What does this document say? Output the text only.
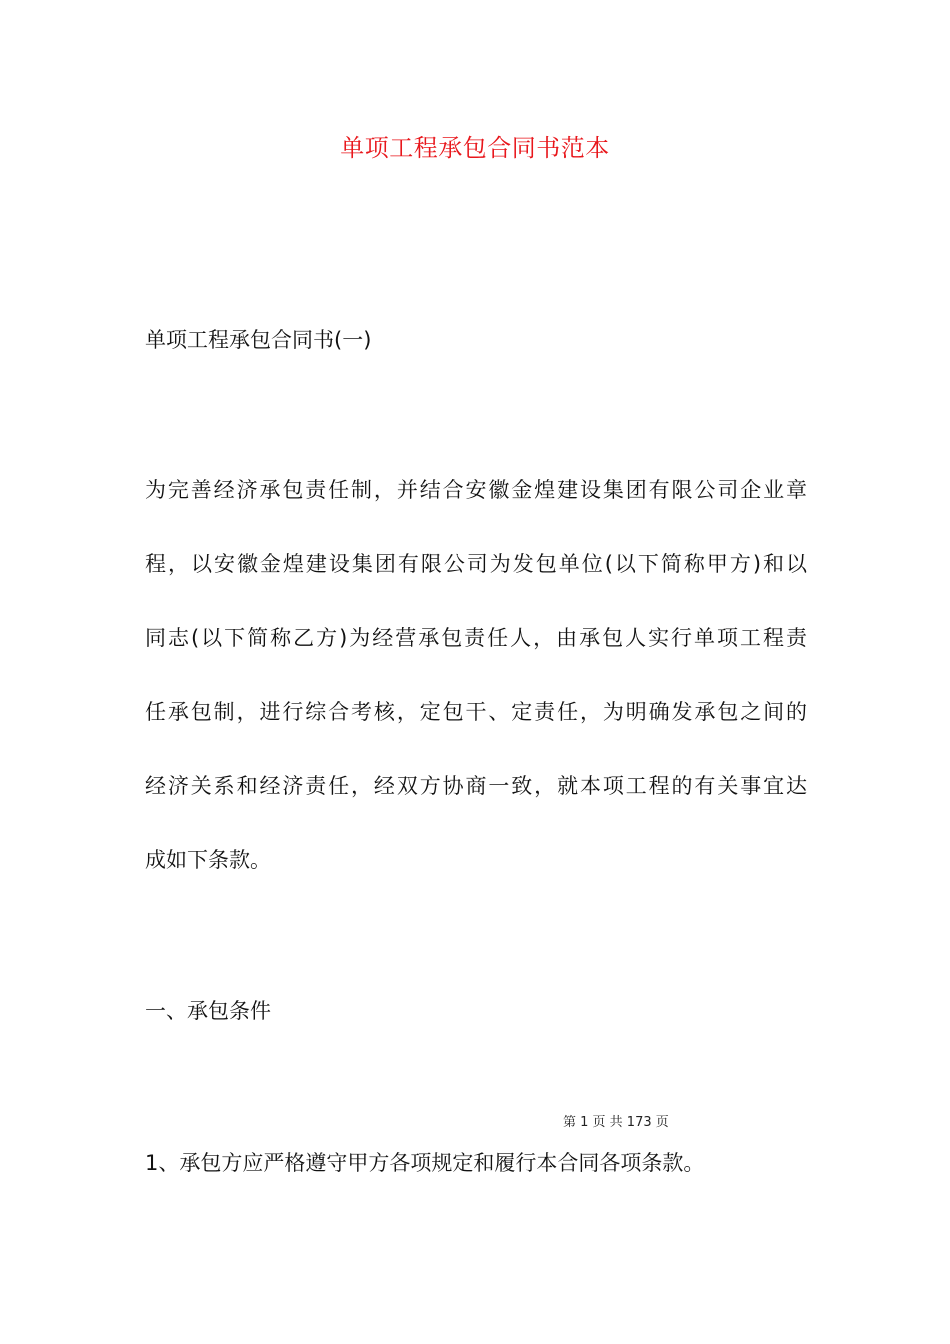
单项工程承包合同书范本
单项工程承包合同书(一)
为完善经济承包责任制，并结合安徽金煌建设集团有限公司企业章
程，以安徽金煌建设集团有限公司为发包单位(以下简称甲方)和以
同志(以下简称乙方)为经营承包责任人，由承包人实行单项工程责
任承包制，进行综合考核，定包干、定责任，为明确发承包之间的
经济关系和经济责任，经双方协商一致，就本项工程的有关事宜达
成如下条款。
一、承包条件
第 1 页 共 173 页
1、承包方应严格遵守甲方各项规定和履行本合同各项条款。
